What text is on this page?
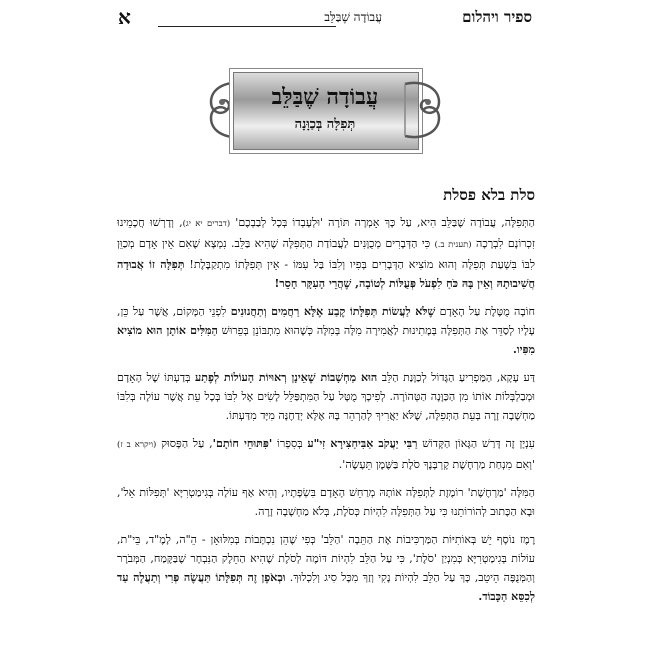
ספיר ויהלום
עֲבוֹדָה שֶׁבַּלֵּב
א
עֲבוֹדָה שֶׁבַּלֵּב
תְּפִלָּה בְּכַוָּנָה
סלת בלא פסלת

הַתְּפִלָּה, עֲבוֹדָה שֶׁבַּלֵּב הִיא, עַל כָּךְ אָמְרָה תּוֹרָה 'וּלְעָבְדוֹ בְּכָל לְבַבְכֶם' (דברים יא יג), וְדָרְשׁוּ חֲכָמֵינוּ זִכְרוֹנָם לִבְרָכָה (תענית ב.) כִּי הַדְּבָרִים מְכֻוָּנִים לַעֲבוֹדַת הַתְּפִלָּה שֶׁהִיא בַּלֵּב. נִמְצָא שֶׁאִם אֵין אָדָם מְכַוֵּן לִבּוֹ בִּשְׁעַת תְּפִלָּה וְהוּא מוֹצִיא הַדְּבָרִים בְּפִיו וְלִבּוֹ בַּל עִמּוֹ - אֵין תְּפִלָּתוֹ מִתְקַבֶּלֶת! תְּפִלָּה זוֹ אֲבוּדָה חֲשִׁיבוּתָהּ וְאֵין בָּהּ כֹּחַ לִפְעֹל פְּעֻלּוֹת לְטוֹבָה, שֶׁהֲרֵי הָעִקָּר חָסֵר!

חוֹבָה מֻטֶּלֶת עַל הָאָדָם שֶׁלֹּא לַעֲשׂוֹת תְּפִלָּתוֹ קֶבַע אֶלָּא רַחֲמִים וְתַחֲנוּנִים לִפְנֵי הַמָּקוֹם, אֲשֶׁר עַל כֵּן, עָלָיו לְסַדֵּר אֶת הַתְּפִלָּה בְּמָתִינוּת לַאֲמִירָה מִלָּה בְּמִלָּה כְּשֶׁהוּא מִתְבּוֹנֵן בְּפֵרוּשׁ הַמִּלִּים אוֹתָן הוּא מוֹצִיא מִפִּיו.

דַּע עָקָא, הַמַּפְרִיעַ הַגָּדוֹל לְכַוָּנַת הַלֵּב הוּא מַחְשָׁבוֹת שֶׁאֵינָן רְאוּיוֹת הָעוֹלוֹת לְפֶתַע בְּדַעְתּוֹ שֶׁל הָאָדָם וּמְבַלְבְּלוֹת אוֹתוֹ מִן הַכַּוָּנָה הַטְּהוֹרָה. לְפִיכָךְ מֻטָּל עַל הַמִּתְפַּלֵּל לָשִׂים אֶל לִבּוֹ בְּכָל עֵת אֲשֶׁר עוֹלָה בְּלִבּוֹ מַחְשָׁבָה זָרָה בְּעֵת הַתְּפִלָּה, שֶׁלֹּא יַאֲרִיךְ לְהַרְהֵר בָּהּ אֶלָּא יְדַחֶנָּה מִיָּד מִדַּעְתּוֹ.

עִנְיָן זֶה דָּרַשׁ הַגָּאוֹן הַקָּדוֹשׁ רַבִּי יַעֲקֹב אַבִּיחַצִירָא זִי"ע בְּסִפְרוֹ 'פִּתּוּחֵי חוֹתָם', עַל הַפָּסוּק (ויקרא ב ז) 'וְאִם מִנְחַת מַרְחֶשֶׁת קָרְבָּנֶךָ סֹלֶת בַּשֶּׁמֶן תֵּעָשֶׂה'.

הַמִּלָּה 'מַרְחֶשֶׁת' רוֹמֶזֶת לַתְּפִלָּה אוֹתָהּ מְרַחֵשׁ הָאָדָם בִּשְׂפָתָיו, וְהִיא אַף עוֹלָה בְּגִימַטְרִיָּא 'תְּפִלּוֹת אֵל', וּבָא הַכָּתוּב לְהוֹרוֹתֵנוּ כִּי עַל הַתְּפִלָּה לִהְיוֹת כְּסֹלֶת, בְּלֹא מַחְשָׁבָה זָרָה.

רֶמֶז נוֹסָף יֵשׁ בְּאוֹתִיּוֹת הַמַּרְכִּיבוֹת אֶת הַתֵּבָה 'הַלֵּב' כְּפִי שֶׁהֵן נִכְתָּבוֹת בְּמִלּוּאָן - הֵ"ה, לָמֶ"ד, בֵּי"ת, עוֹלוֹת בְּגִימַטְרִיָּא כְּמִנְיַן 'סֹלֶת', כִּי עַל הַלֵּב לִהְיוֹת דּוֹמֶה לְסֹלֶת שֶׁהִיא הַחֵלֶק הַנִּבְחָר שֶׁבַּקֶּמַח, הַמְּבֹרָר וְהַמְּנֻפֶּה הֵיטֵב, כָּךְ עַל הַלֵּב לִהְיוֹת נָקִי וְזַךְ מִכָּל סִיג וְלִכְלוּךְ. וּבְאֹפֶן זֶה תְּפִלָּתוֹ תַּעֲשֶׂה פְּרִי וְתַעֲלֶה עַד לְכִסֵּא הַכָּבוֹד.
